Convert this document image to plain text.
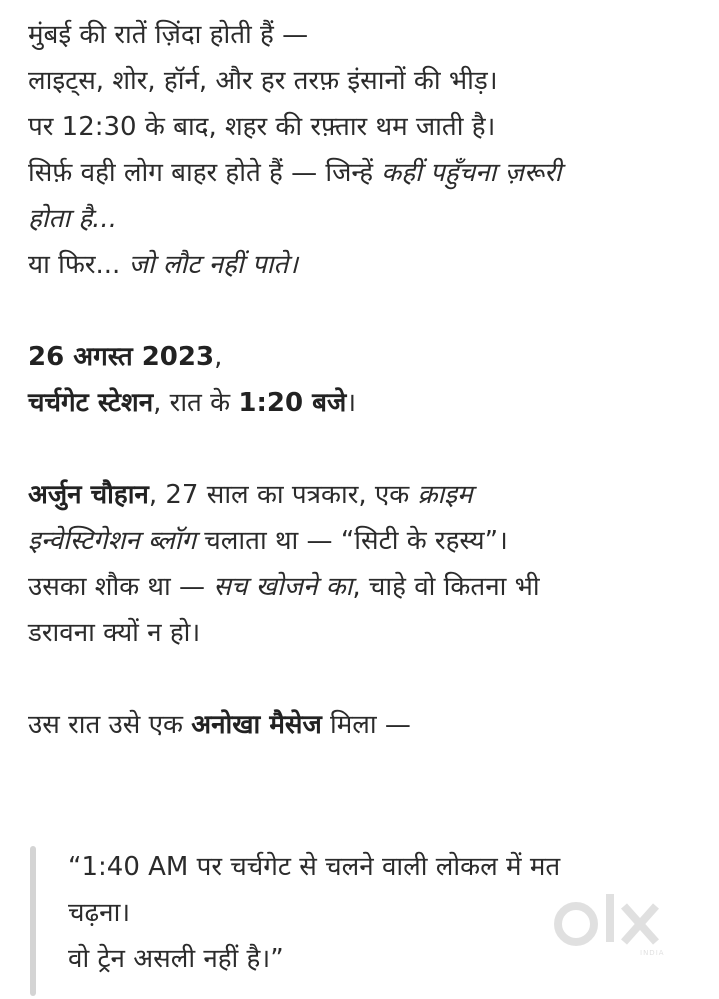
मुंबई की रातें ज़िंदा होती हैं —

लाइट्स, शोर, हॉर्न, और हर तरफ़ इंसानों की भीड़।

पर 12:30 के बाद, शहर की रफ़्तार थम जाती है।

सिर्फ़ वही लोग बाहर होते हैं — जिन्हें कहीं पहुँचना ज़रूरी

होता है...

या फिर... जो लौट नहीं पाते।

26 अगस्त 2023,

चर्चगेट स्टेशन, रात के 1:20 बजे।

अर्जुन चौहान, 27 साल का पत्रकार, एक क्राइम

इन्वेस्टिगेशन ब्लॉग चलाता था — “सिटी के रहस्य”।

उसका शौक था — सच खोजने का, चाहे वो कितना भी

डरावना क्यों न हो।

उस रात उसे एक अनोखा मैसेज मिला —

“1:40 AM पर चर्चगेट से चलने वाली लोकल में मत

चढ़ना।

वो ट्रेन असली नहीं है।”	INDIA
